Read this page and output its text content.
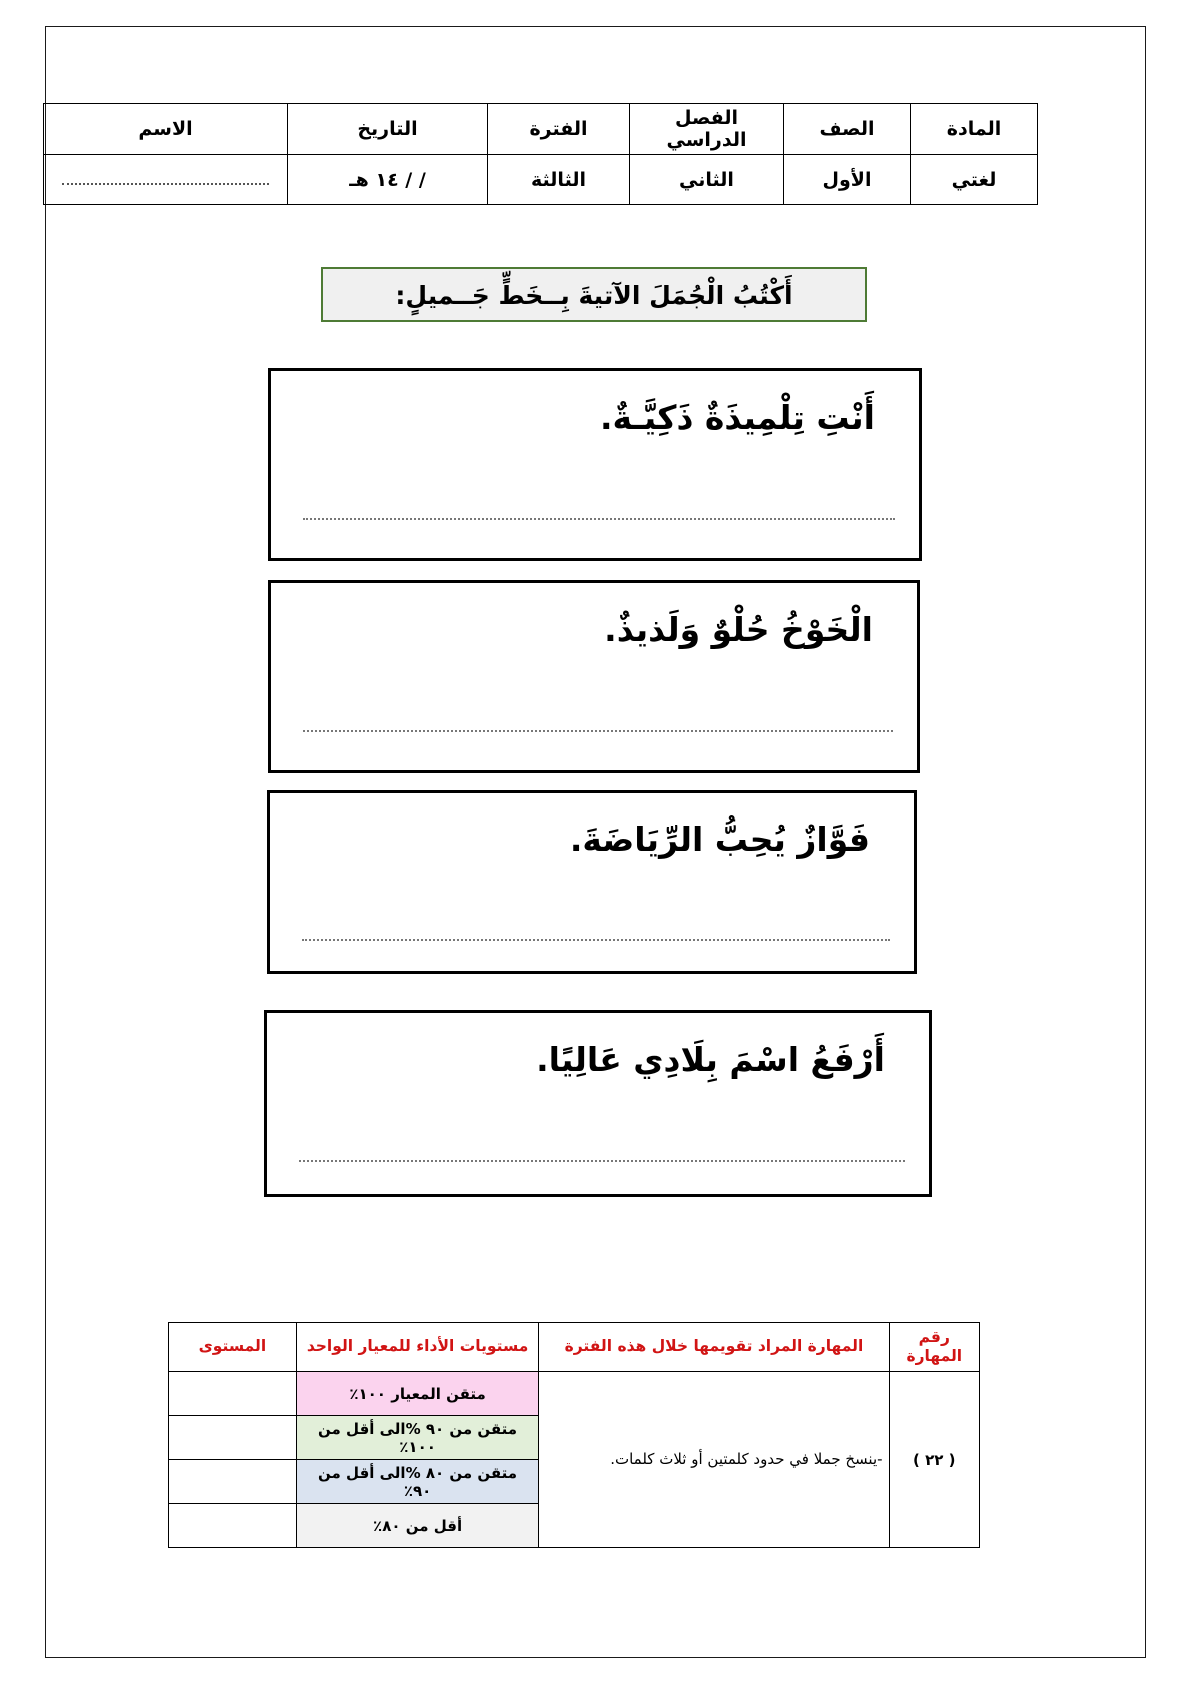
المادة	الصف	الفصل الدراسي	الفترة	التاريخ	الاسم
لغتي	الأول	الثاني	الثالثة	/ / ١٤ هـ	
أَكْتُبُ الْجُمَلَ الآتيةَ بِــخَطٍّ جَــميلٍ:
أَنْتِ تِلْمِيذَةٌ ذَكِيَّـةٌ.
الْخَوْخُ حُلْوٌ وَلَذيذٌ.
فَوَّازٌ يُحِبُّ الرِّيَاضَةَ.
أَرْفَعُ اسْمَ بِلَادِي عَالِيًا.
رقم المهارة	المهارة المراد تقويمها خلال هذه الفترة	مستويات الأداء للمعيار الواحد	المستوى
( ٢٢ )	-ينسخ جملا في حدود كلمتين أو ثلاث كلمات.	متقن المعيار ١٠٠٪	
		متقن من ٩٠ %الى أقل من ١٠٠٪	
		متقن من ٨٠ %الى أقل من ٩٠٪	
		أقل من ٨٠٪	
